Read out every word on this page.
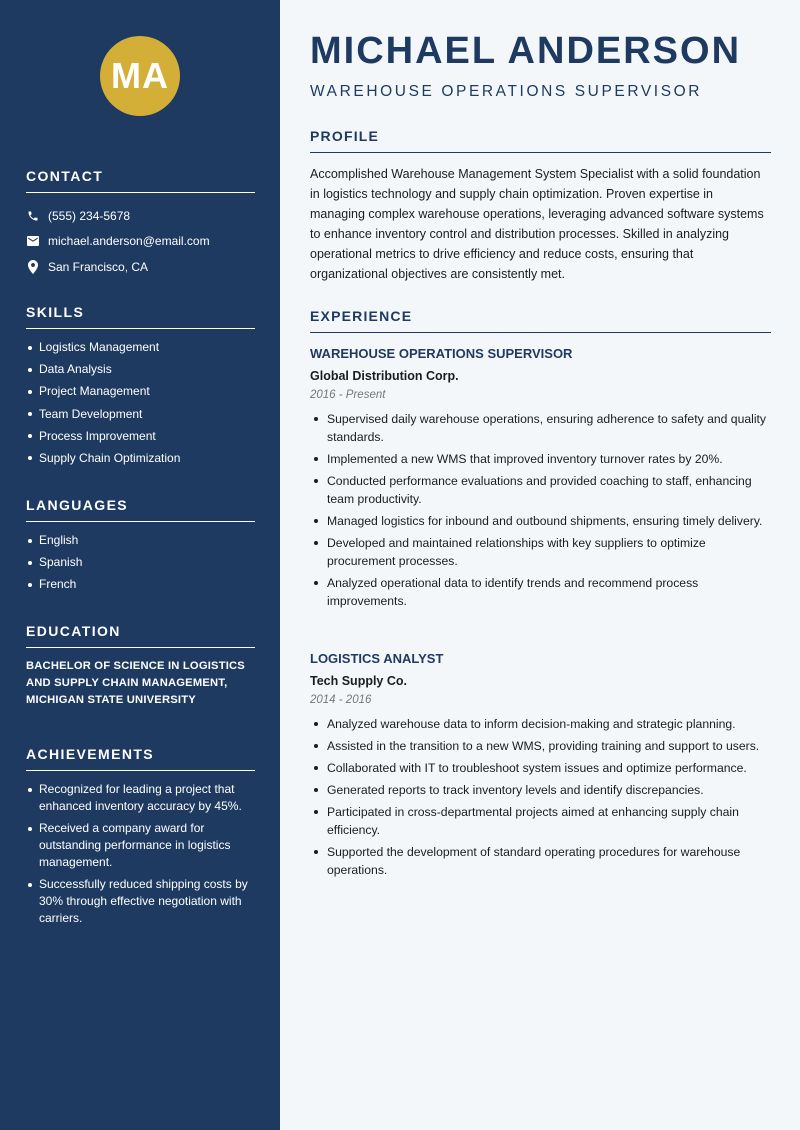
MA
CONTACT
(555) 234-5678
michael.anderson@email.com
San Francisco, CA
SKILLS
Logistics Management
Data Analysis
Project Management
Team Development
Process Improvement
Supply Chain Optimization
LANGUAGES
English
Spanish
French
EDUCATION
BACHELOR OF SCIENCE IN LOGISTICS AND SUPPLY CHAIN MANAGEMENT, MICHIGAN STATE UNIVERSITY
ACHIEVEMENTS
Recognized for leading a project that enhanced inventory accuracy by 45%.
Received a company award for outstanding performance in logistics management.
Successfully reduced shipping costs by 30% through effective negotiation with carriers.
MICHAEL ANDERSON
WAREHOUSE OPERATIONS SUPERVISOR
PROFILE
Accomplished Warehouse Management System Specialist with a solid foundation in logistics technology and supply chain optimization. Proven expertise in managing complex warehouse operations, leveraging advanced software systems to enhance inventory control and distribution processes. Skilled in analyzing operational metrics to drive efficiency and reduce costs, ensuring that organizational objectives are consistently met.
EXPERIENCE
WAREHOUSE OPERATIONS SUPERVISOR
Global Distribution Corp.
2016 - Present
Supervised daily warehouse operations, ensuring adherence to safety and quality standards.
Implemented a new WMS that improved inventory turnover rates by 20%.
Conducted performance evaluations and provided coaching to staff, enhancing team productivity.
Managed logistics for inbound and outbound shipments, ensuring timely delivery.
Developed and maintained relationships with key suppliers to optimize procurement processes.
Analyzed operational data to identify trends and recommend process improvements.
LOGISTICS ANALYST
Tech Supply Co.
2014 - 2016
Analyzed warehouse data to inform decision-making and strategic planning.
Assisted in the transition to a new WMS, providing training and support to users.
Collaborated with IT to troubleshoot system issues and optimize performance.
Generated reports to track inventory levels and identify discrepancies.
Participated in cross-departmental projects aimed at enhancing supply chain efficiency.
Supported the development of standard operating procedures for warehouse operations.
